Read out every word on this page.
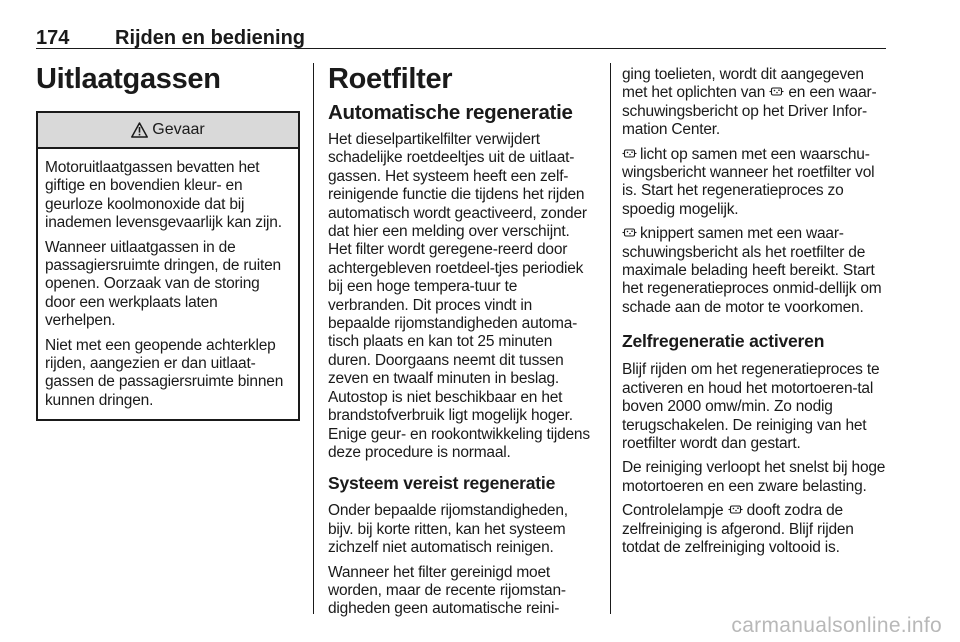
174 Rijden en bediening
Uitlaatgassen
Gevaar

Motoruitlaatgassen bevatten het giftige en bovendien kleur- en geurloze koolmonoxide dat bij inademen levensgevaarlijk kan zijn.

Wanneer uitlaatgassen in de passagiersruimte dringen, de ruiten openen. Oorzaak van de storing door een werkplaats laten verhelpen.

Niet met een geopende achterklep rijden, aangezien er dan uitlaat-gassen de passagiersruimte binnen kunnen dringen.

Roetfilter
Automatische regeneratie

Het dieselpartikelfilter verwijdert schadelijke roetdeeltjes uit de uitlaat-gassen. Het systeem heeft een zelf-reinigende functie die tijdens het rijden automatisch wordt geactiveerd, zonder dat hier een melding over verschijnt. Het filter wordt geregene-reerd door achtergebleven roetdeel-tjes periodiek bij een hoge tempera-tuur te verbranden. Dit proces vindt in bepaalde rijomstandigheden automa-tisch plaats en kan tot 25 minuten duren. Doorgaans neemt dit tussen zeven en twaalf minuten in beslag. Autostop is niet beschikbaar en het brandstofverbruik ligt mogelijk hoger. Enige geur- en rookontwikkeling tijdens deze procedure is normaal.

Systeem vereist regeneratie

Onder bepaalde rijomstandigheden, bijv. bij korte ritten, kan het systeem zichzelf niet automatisch reinigen.

Wanneer het filter gereinigd moet worden, maar de recente rijomstan-digheden geen automatische reini-

ging toelieten, wordt dit aangegeven met het oplichten van en een waar-schuwingsbericht op het Driver Infor-mation Center.

licht op samen met een waarschu-wingsbericht wanneer het roetfilter vol is. Start het regeneratieproces zo spoedig mogelijk.

knippert samen met een waar-schuwingsbericht als het roetfilter de maximale belading heeft bereikt. Start het regeneratieproces onmid-dellijk om schade aan de motor te voorkomen.

Zelfregeneratie activeren

Blijf rijden om het regeneratieproces te activeren en houd het motortoeren-tal boven 2000 omw/min. Zo nodig terugschakelen. De reiniging van het roetfilter wordt dan gestart.

De reiniging verloopt het snelst bij hoge motortoeren en een zware belasting.

Controlelampje dooft zodra de zelfreiniging is afgerond. Blijf rijden totdat de zelfreiniging voltooid is.

carmanualsonline.info
